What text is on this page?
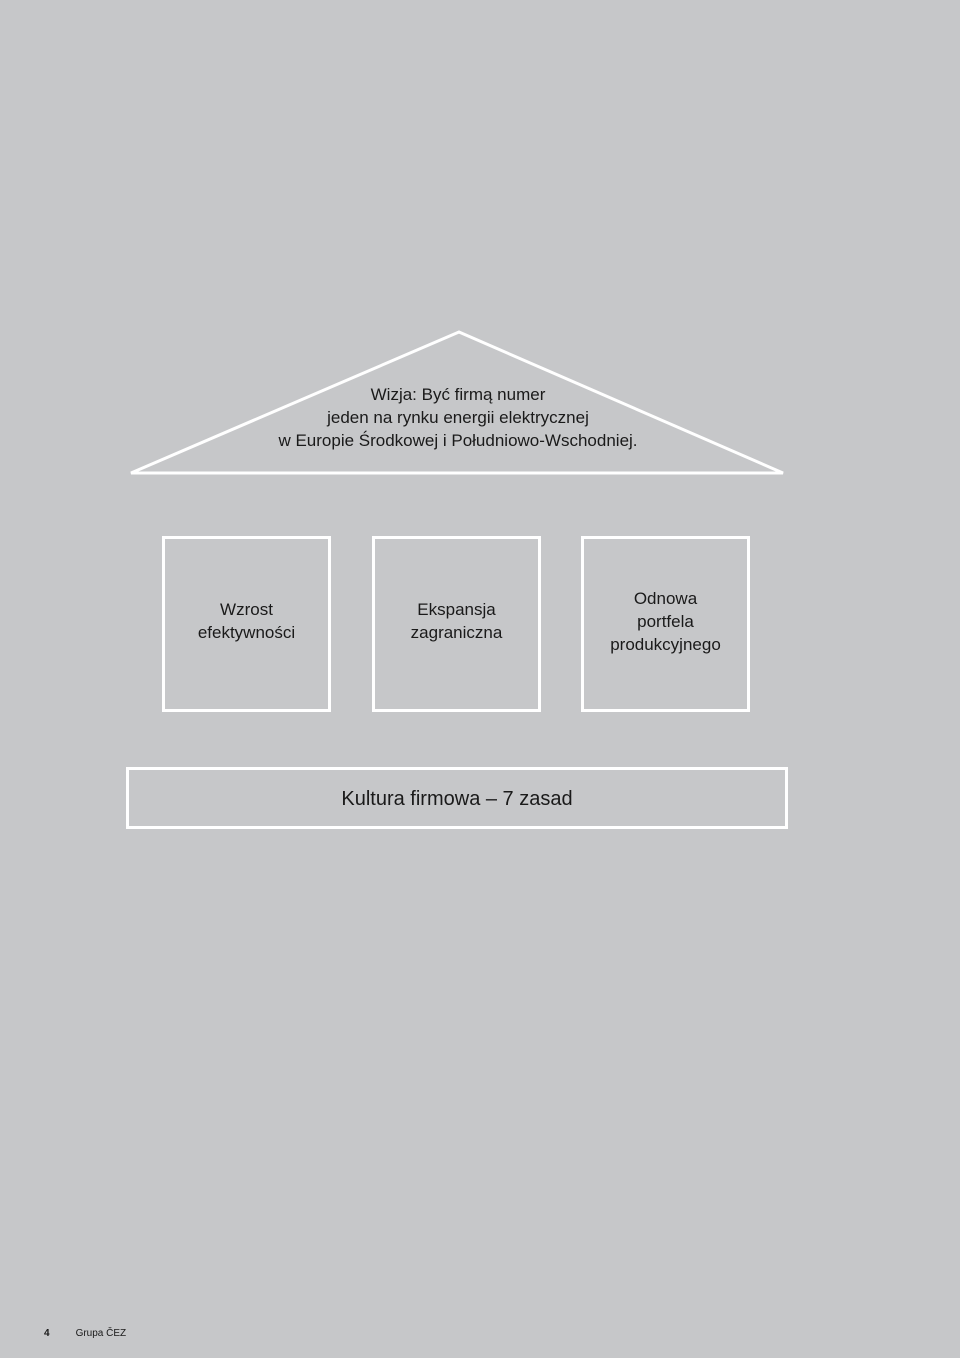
Wizja: Być firmą numer
jeden na rynku energii elektrycznej
w Europie Środkowej i Południowo-Wschodniej.
Wzrost
efektywności
Ekspansja
zagraniczna
Odnowa
portfela
produkcyjnego
Kultura firmowa – 7 zasad
4	Grupa ČEZ
